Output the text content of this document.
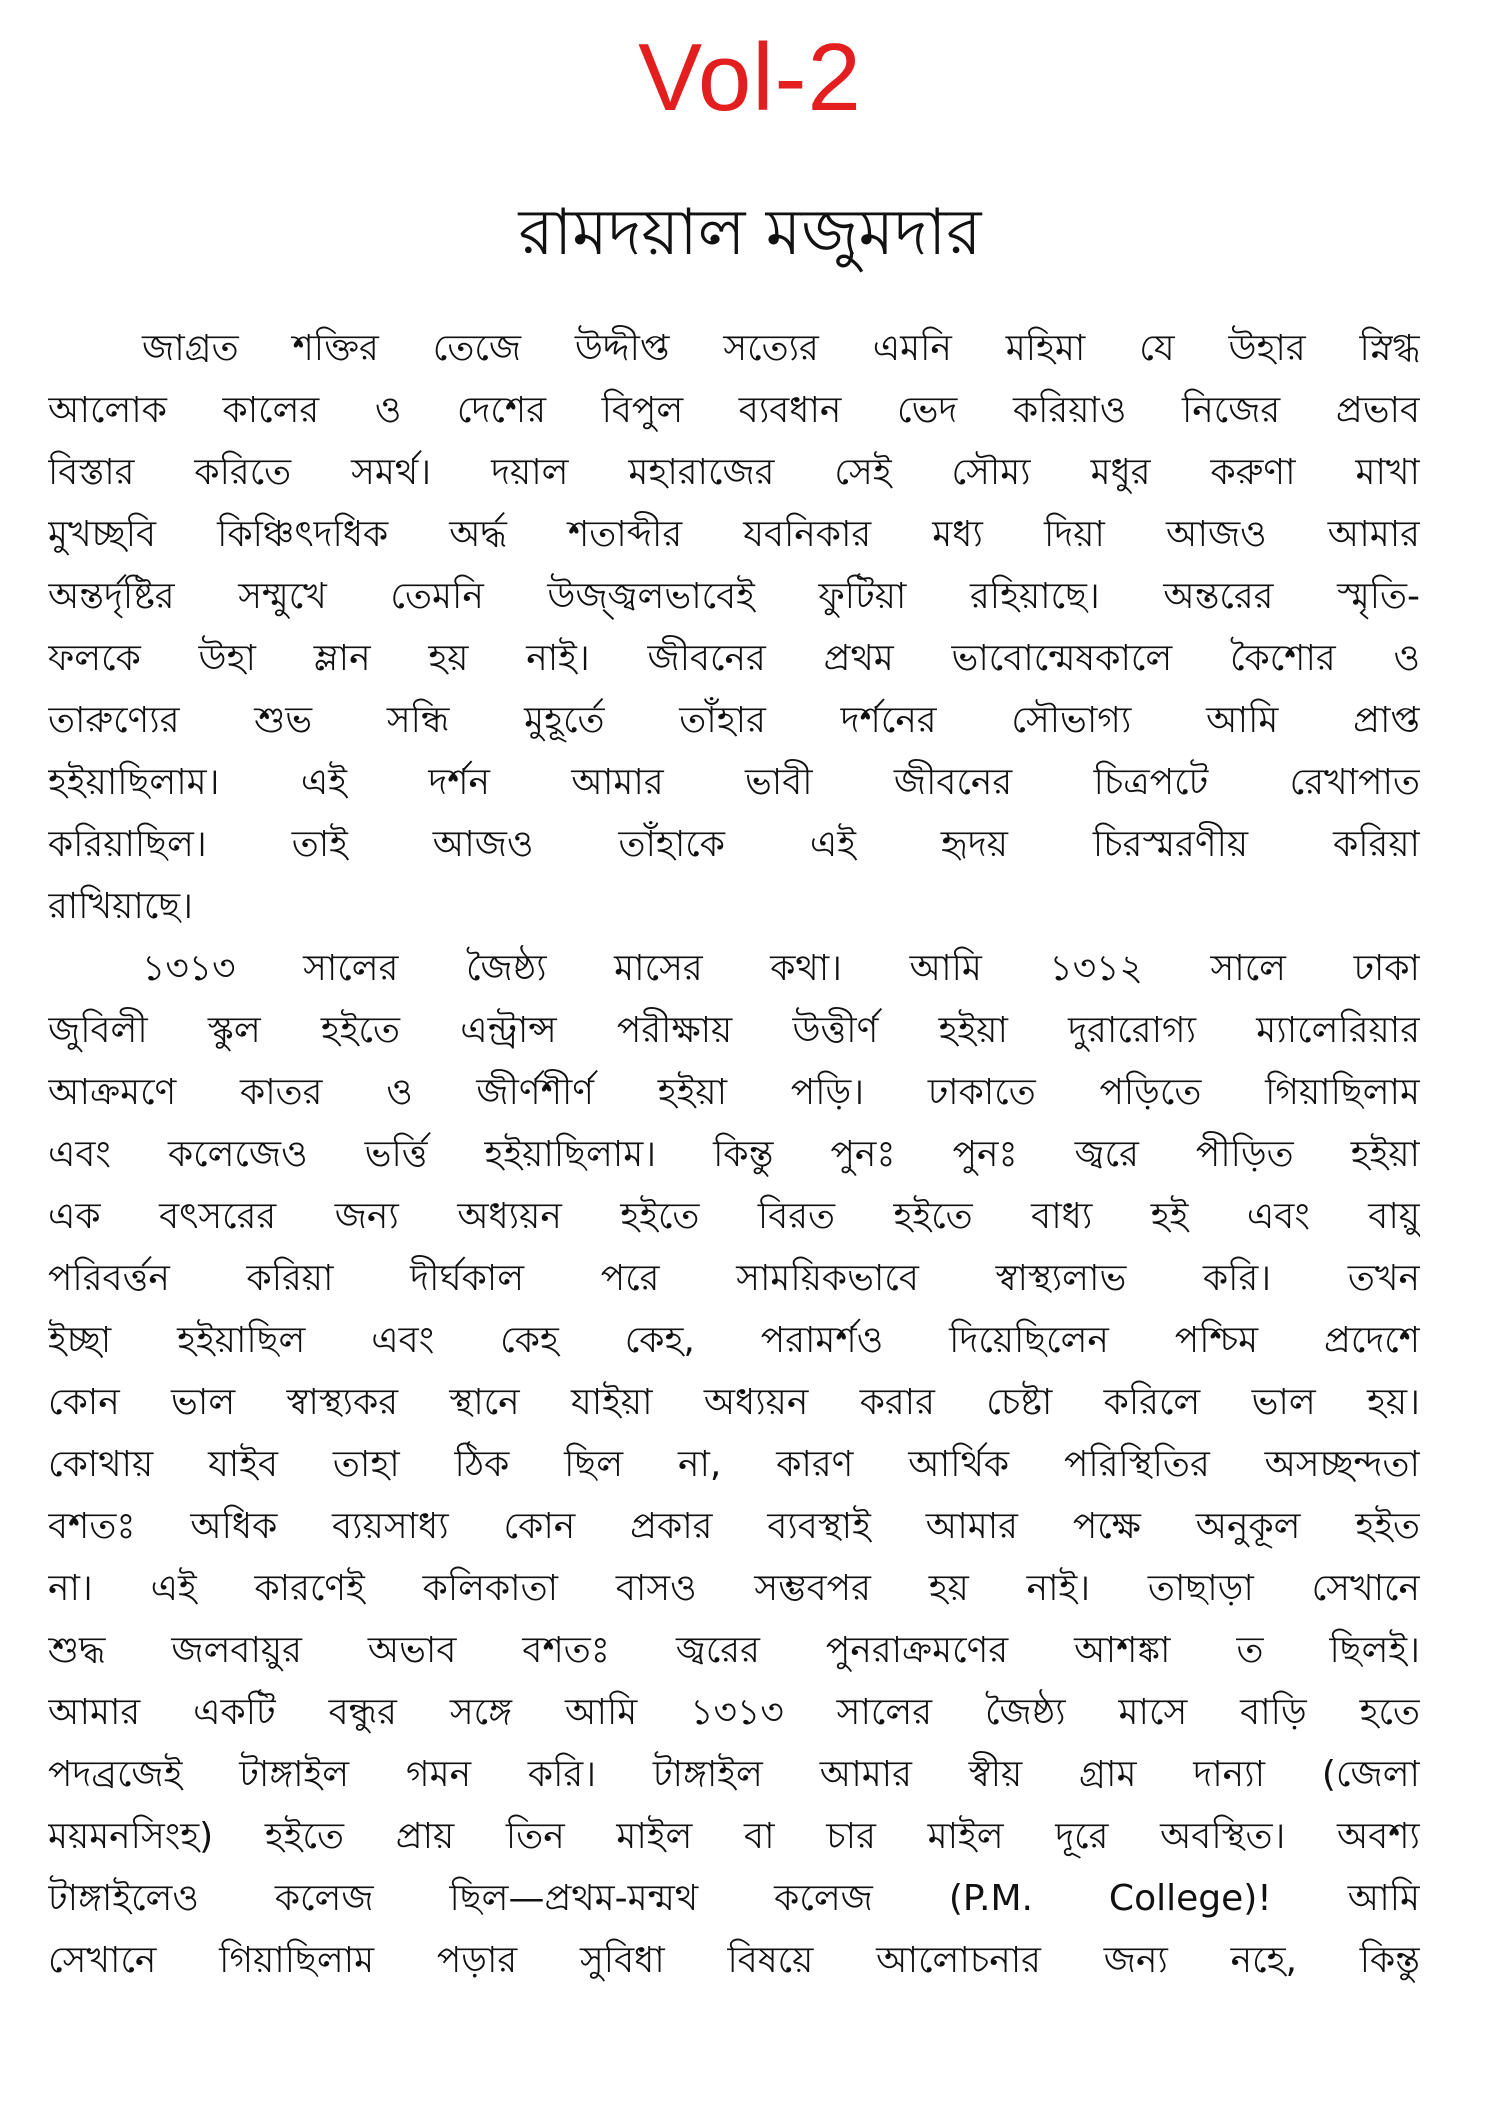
Vol-2
রামদয়াল মজুমদার
জাগ্রত শক্তির তেজে উদ্দীপ্ত সত্যের এমনি মহিমা যে উহার স্নিগ্ধ
আলোক কালের ও দেশের বিপুল ব্যবধান ভেদ করিয়াও নিজের প্রভাব
বিস্তার করিতে সমর্থ। দয়াল মহারাজের সেই সৌম্য মধুর করুণা মাখা
মুখচ্ছবি কিঞ্চিৎদধিক অর্দ্ধ শতাব্দীর যবনিকার মধ্য দিয়া আজও আমার
অন্তর্দৃষ্টির সম্মুখে তেমনি উজ্জ্বলভাবেই ফুটিয়া রহিয়াছে। অন্তরের স্মৃতি-
ফলকে উহা ম্লান হয় নাই। জীবনের প্রথম ভাবোন্মেষকালে কৈশোর ও
তারুণ্যের শুভ সন্ধি মুহূর্তে তাঁহার দর্শনের সৌভাগ্য আমি প্রাপ্ত
হইয়াছিলাম। এই দর্শন আমার ভাবী জীবনের চিত্রপটে রেখাপাত
করিয়াছিল। তাই আজও তাঁহাকে এই হৃদয় চিরস্মরণীয় করিয়া
রাখিয়াছে।
১৩১৩ সালের জৈষ্ঠ্য মাসের কথা। আমি ১৩১২ সালে ঢাকা
জুবিলী স্কুল হইতে এন্ট্রান্স পরীক্ষায় উত্তীর্ণ হইয়া দুরারোগ্য ম্যালেরিয়ার
আক্রমণে কাতর ও জীর্ণশীর্ণ হইয়া পড়ি। ঢাকাতে পড়িতে গিয়াছিলাম
এবং কলেজেও ভর্ত্তি হইয়াছিলাম। কিন্তু পুনঃ পুনঃ জ্বরে পীড়িত হইয়া
এক বৎসরের জন্য অধ্যয়ন হইতে বিরত হইতে বাধ্য হই এবং বায়ু
পরিবর্ত্তন করিয়া দীর্ঘকাল পরে সাময়িকভাবে স্বাস্থ্যলাভ করি। তখন
ইচ্ছা হইয়াছিল এবং কেহ কেহ, পরামর্শও দিয়েছিলেন পশ্চিম প্রদেশে
কোন ভাল স্বাস্থ্যকর স্থানে যাইয়া অধ্যয়ন করার চেষ্টা করিলে ভাল হয়।
কোথায় যাইব তাহা ঠিক ছিল না, কারণ আর্থিক পরিস্থিতির অসচ্ছন্দতা
বশতঃ অধিক ব্যয়সাধ্য কোন প্রকার ব্যবস্থাই আমার পক্ষে অনুকূল হইত
না। এই কারণেই কলিকাতা বাসও সম্ভবপর হয় নাই। তাছাড়া সেখানে
শুদ্ধ জলবায়ুর অভাব বশতঃ জ্বরের পুনরাক্রমণের আশঙ্কা ত ছিলই।
আমার একটি বন্ধুর সঙ্গে আমি ১৩১৩ সালের জৈষ্ঠ্য মাসে বাড়ি হতে
পদব্রজেই টাঙ্গাইল গমন করি। টাঙ্গাইল আমার স্বীয় গ্রাম দান্যা (জেলা
ময়মনসিংহ) হইতে প্রায় তিন মাইল বা চার মাইল দূরে অবস্থিত। অবশ্য
টাঙ্গাইলেও কলেজ ছিল—প্রথম-মন্মথ কলেজ (P.M. College)! আমি
সেখানে গিয়াছিলাম পড়ার সুবিধা বিষয়ে আলোচনার জন্য নহে, কিন্তু
